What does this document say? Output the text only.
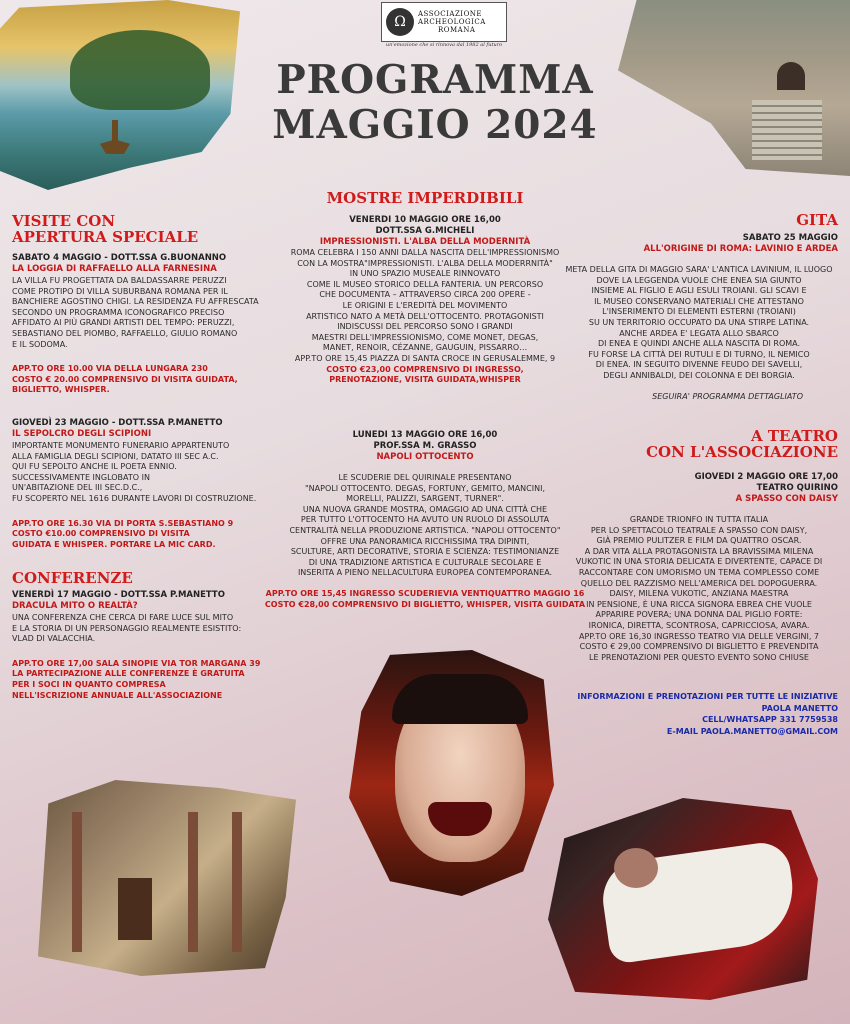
Ω	ASSOCIAZIONE
ARCHEOLOGICA
ROMANA
un'emozione che si rinnova dal 1982 al futuro
PROGRAMMA
MAGGIO 2024
VISITE CON
APERTURA SPECIALE
SABATO 4 MAGGIO - DOTT.SSA G.BUONANNO
LA LOGGIA DI RAFFAELLO ALLA FARNESINA
LA VILLA FU PROGETTATA DA BALDASSARRE PERUZZI
COME PROTIPO DI VILLA SUBURBANA ROMANA PER IL
BANCHIERE AGOSTINO CHIGI. LA RESIDENZA FU AFFRESCATA
SECONDO UN PROGRAMMA ICONOGRAFICO PRECISO
AFFIDATO AI PIÙ GRANDI ARTISTI DEL TEMPO: PERUZZI,
SEBASTIANO DEL PIOMBO, RAFFAELLO, GIULIO ROMANO
E IL SODOMA.
APP.TO ORE 10.00 VIA DELLA LUNGARA 230
COSTO € 20.00 COMPRENSIVO DI VISITA GUIDATA,
BIGLIETTO, WHISPER.
GIOVEDÌ 23 MAGGIO - DOTT.SSA P.MANETTO
IL SEPOLCRO DEGLI SCIPIONI
IMPORTANTE MONUMENTO FUNERARIO APPARTENUTO
ALLA FAMIGLIA DEGLI SCIPIONI, DATATO III SEC A.C.
QUI FU SEPOLTO ANCHE IL POETA ENNIO.
SUCCESSIVAMENTE INGLOBATO IN
UN'ABITAZIONE DEL III SEC.D.C.,
FU SCOPERTO NEL 1616 DURANTE LAVORI DI COSTRUZIONE.
APP.TO ORE 16.30 VIA DI PORTA S.SEBASTIANO 9
COSTO €10.00 COMPRENSIVO DI VISITA
GUIDATA E WHISPER. PORTARE LA MIC CARD.
CONFERENZE
VENERDÌ 17 MAGGIO - DOTT.SSA P.MANETTO
DRACULA MITO O REALTÀ?
UNA CONFERENZA CHE CERCA DI FARE LUCE SUL MITO
E LA STORIA DI UN PERSONAGGIO REALMENTE ESISTITO:
VLAD DI VALACCHIA.
APP.TO ORE 17,00 SALA SINOPIE VIA TOR MARGANA 39
LA PARTECIPAZIONE ALLE CONFERENZE È GRATUITA
PER I SOCI IN QUANTO COMPRESA
NELL'ISCRIZIONE ANNUALE ALL'ASSOCIAZIONE
MOSTRE IMPERDIBILI
VENERDI 10 MAGGIO ORE 16,00
DOTT.SSA G.MICHELI
IMPRESSIONISTI. L'ALBA DELLA MODERNITÀ
ROMA CELEBRA I 150 ANNI DALLA NASCITA DELL'IMPRESSIONISMO
CON LA MOSTRA"IMPRESSIONISTI. L'ALBA DELLA MODERRNITÀ"
IN UNO SPAZIO MUSEALE RINNOVATO
COME IL MUSEO STORICO DELLA FANTERIA. UN PERCORSO
CHE DOCUMENTA – ATTRAVERSO CIRCA 200 OPERE -
LE ORIGINI E L'EREDITÀ DEL MOVIMENTO
ARTISTICO NATO A METÀ DELL'OTTOCENTO. PROTAGONISTI
INDISCUSSI DEL PERCORSO SONO I GRANDI
MAESTRI DELL'IMPRESSIONISMO, COME MONET, DEGAS,
MANET, RENOIR, CÉZANNE, GAUGUIN, PISSARRO…
APP.TO ORE 15,45 PIAZZA DI SANTA CROCE IN GERUSALEMME, 9
COSTO €23,00 COMPRENSIVO DI INGRESSO,
PRENOTAZIONE, VISITA GUIDATA,WHISPER
LUNEDI 13 MAGGIO ORE 16,00
PROF.SSA M. GRASSO
NAPOLI OTTOCENTO
LE SCUDERIE DEL QUIRINALE PRESENTANO
"NAPOLI OTTOCENTO. DEGAS, FORTUNY, GEMITO, MANCINI,
MORELLI, PALIZZI, SARGENT, TURNER".
UNA NUOVA GRANDE MOSTRA, OMAGGIO AD UNA CITTÀ CHE
PER TUTTO L'OTTOCENTO HA AVUTO UN RUOLO DI ASSOLUTA
CENTRALITÀ NELLA PRODUZIONE ARTISTICA. "NAPOLI OTTOCENTO"
OFFRE UNA PANORAMICA RICCHISSIMA TRA DIPINTI,
SCULTURE, ARTI DECORATIVE, STORIA E SCIENZA: TESTIMONIANZE
DI UNA TRADIZIONE ARTISTICA E CULTURALE SECOLARE E
INSERITA A PIENO NELLACULTURA EUROPEA CONTEMPORANEA.
APP.TO ORE 15,45 INGRESSO SCUDERIEVIA VENTIQUATTRO MAGGIO 16
COSTO €28,00 COMPRENSIVO DI BIGLIETTO, WHISPER, VISITA GUIDATA
GITA
SABATO 25 MAGGIO
ALL'ORIGINE DI ROMA: LAVINIO E ARDEA
META DELLA GITA DI MAGGIO SARA' L'ANTICA LAVINIUM, IL LUOGO
DOVE LA LEGGENDA VUOLE CHE ENEA SIA GIUNTO
INSIEME AL FIGLIO E AGLI ESULI TROIANI. GLI SCAVI E
IL MUSEO CONSERVANO MATERIALI CHE ATTESTANO
L'INSERIMENTO DI ELEMENTI ESTERNI (TROIANI)
SU UN TERRITORIO OCCUPATO DA UNA STIRPE LATINA.
ANCHE ARDEA E' LEGATA ALLO SBARCO
DI ENEA E QUINDI ANCHE ALLA NASCITA DI ROMA.
FU FORSE LA CITTÀ DEI RUTULI E DI TURNO, IL NEMICO
DI ENEA. IN SEGUITO DIVENNE FEUDO DEI SAVELLI,
DEGLI ANNIBALDI, DEI COLONNA E DEI BORGIA.
SEGUIRA' PROGRAMMA DETTAGLIATO
A TEATRO
CON L'ASSOCIAZIONE
GIOVEDI 2 MAGGIO ORE 17,00
TEATRO QUIRINO
A SPASSO CON DAISY
GRANDE TRIONFO IN TUTTA ITALIA
PER LO SPETTACOLO TEATRALE A SPASSO CON DAISY,
GIÀ PREMIO PULITZER E FILM DA QUATTRO OSCAR.
A DAR VITA ALLA PROTAGONISTA LA BRAVISSIMA MILENA
VUKOTIC IN UNA STORIA DELICATA E DIVERTENTE, CAPACE DI
RACCONTARE CON UMORISMO UN TEMA COMPLESSO COME
QUELLO DEL RAZZISMO NELL'AMERICA DEL DOPOGUERRA.
DAISY, MILENA VUKOTIC, ANZIANA MAESTRA
IN PENSIONE, È UNA RICCA SIGNORA EBREA CHE VUOLE
APPARIRE POVERA; UNA DONNA DAL PIGLIO FORTE:
IRONICA, DIRETTA, SCONTROSA, CAPRICCIOSA, AVARA.
APP.TO ORE 16,30 INGRESSO TEATRO VIA DELLE VERGINI, 7
COSTO € 29,00 COMPRENSIVO DI BIGLIETTO E PREVENDITA
LE PRENOTAZIONI PER QUESTO EVENTO SONO CHIUSE
INFORMAZIONI E PRENOTAZIONI PER TUTTE LE INIZIATIVE
PAOLA MANETTO
CELL/WHATSAPP 331 7759538
E-MAIL PAOLA.MANETTO@GMAIL.COM
